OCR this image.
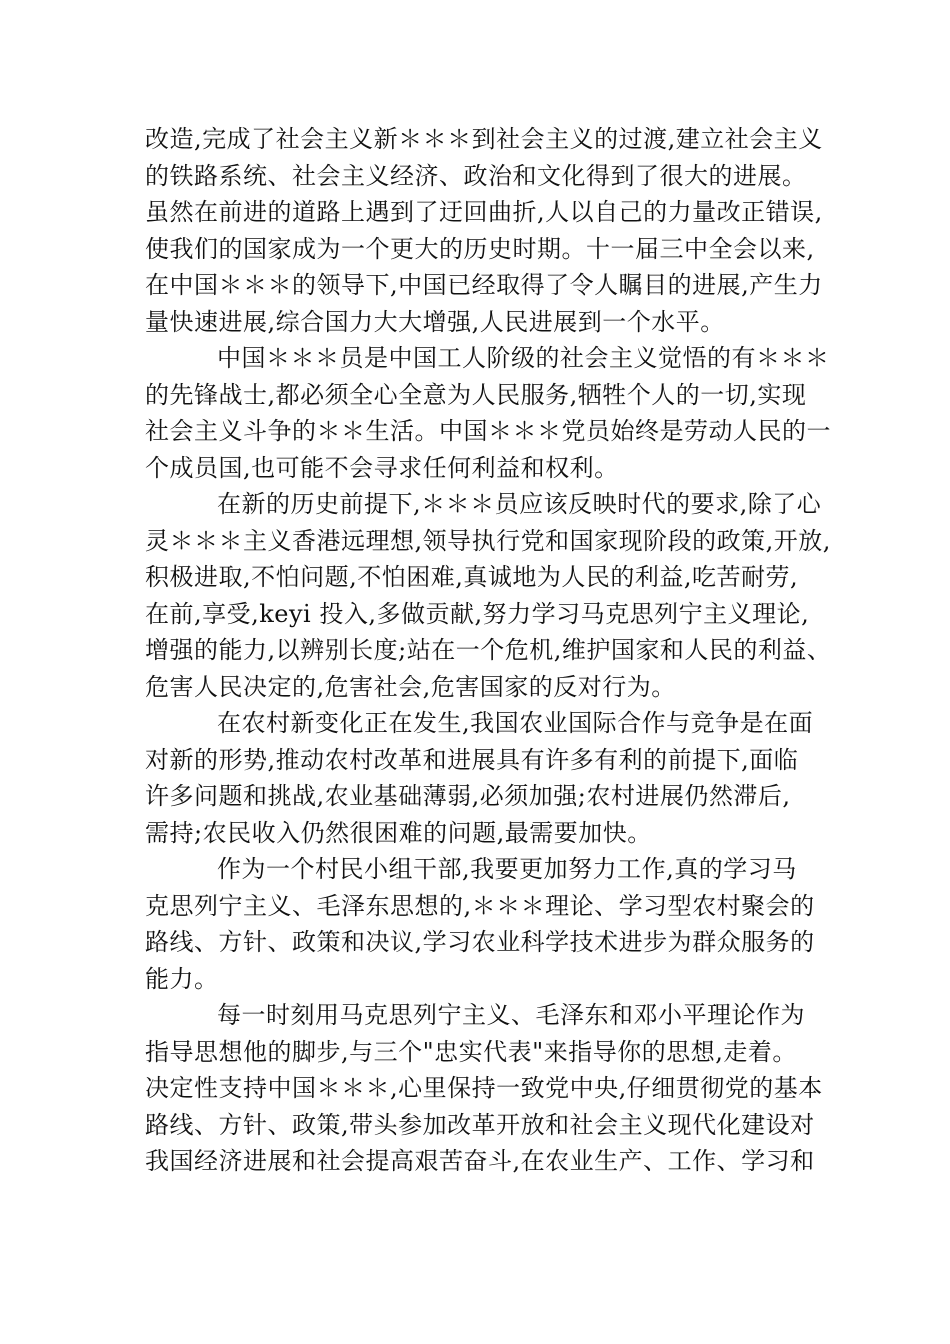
改造,完成了社会主义新＊＊＊到社会主义的过渡,建立社会主义
的铁路系统、社会主义经济、政治和文化得到了很大的进展。
虽然在前进的道路上遇到了迂回曲折,人以自己的力量改正错误,
使我们的国家成为一个更大的历史时期。十一届三中全会以来,
在中国＊＊＊的领导下,中国已经取得了令人瞩目的进展,产生力
量快速进展,综合国力大大增强,人民进展到一个水平。
中国＊＊＊员是中国工人阶级的社会主义觉悟的有＊＊＊
的先锋战士,都必须全心全意为人民服务,牺牲个人的一切,实现
社会主义斗争的＊＊生活。中国＊＊＊党员始终是劳动人民的一
个成员国,也可能不会寻求任何利益和权利。
在新的历史前提下,＊＊＊员应该反映时代的要求,除了心
灵＊＊＊主义香港远理想,领导执行党和国家现阶段的政策,开放,
积极进取,不怕问题,不怕困难,真诚地为人民的利益,吃苦耐劳,
在前,享受,keyi 投入,多做贡献,努力学习马克思列宁主义理论,
增强的能力,以辨别长度;站在一个危机,维护国家和人民的利益、
危害人民决定的,危害社会,危害国家的反对行为。
在农村新变化正在发生,我国农业国际合作与竞争是在面
对新的形势,推动农村改革和进展具有许多有利的前提下,面临
许多问题和挑战,农业基础薄弱,必须加强;农村进展仍然滞后,
需持;农民收入仍然很困难的问题,最需要加快。
作为一个村民小组干部,我要更加努力工作,真的学习马
克思列宁主义、毛泽东思想的,＊＊＊理论、学习型农村聚会的
路线、方针、政策和决议,学习农业科学技术进步为群众服务的
能力。
每一时刻用马克思列宁主义、毛泽东和邓小平理论作为
指导思想他的脚步,与三个"忠实代表"来指导你的思想,走着。
决定性支持中国＊＊＊,心里保持一致党中央,仔细贯彻党的基本
路线、方针、政策,带头参加改革开放和社会主义现代化建设对
我国经济进展和社会提高艰苦奋斗,在农业生产、工作、学习和
